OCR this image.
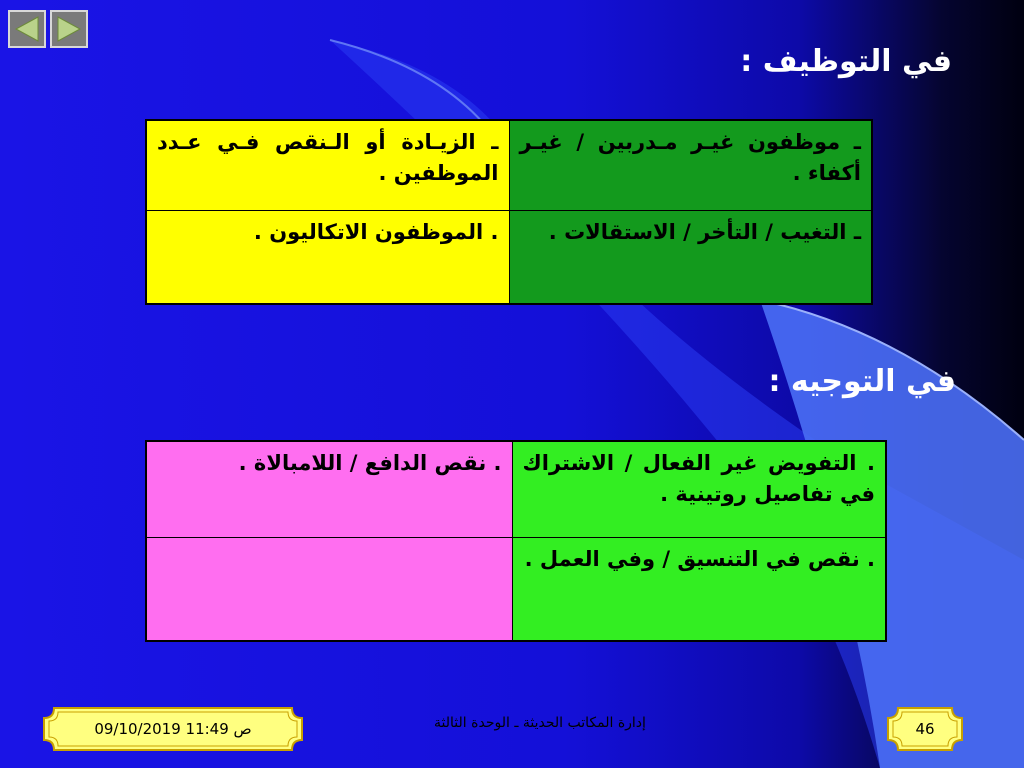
في التوظيف :
في التوجيه :
ـ موظفون غيـر مـدربين / غيـر أكفاء .	ـ الزيـادة أو الـنقص فـي عـدد الموظفين .
ـ التغيب / التأخر / الاستقالات .	. الموظفون الاتكاليون .
. التفويض غير الفعال / الاشتراك في تفاصيل روتينية .	. نقص الدافع / اللامبالاة .
. نقص في التنسيق / وفي العمل .	
09/10/2019 11:49 ص	إدارة المكاتب الحديثة ـ الوحدة الثالثة	46
